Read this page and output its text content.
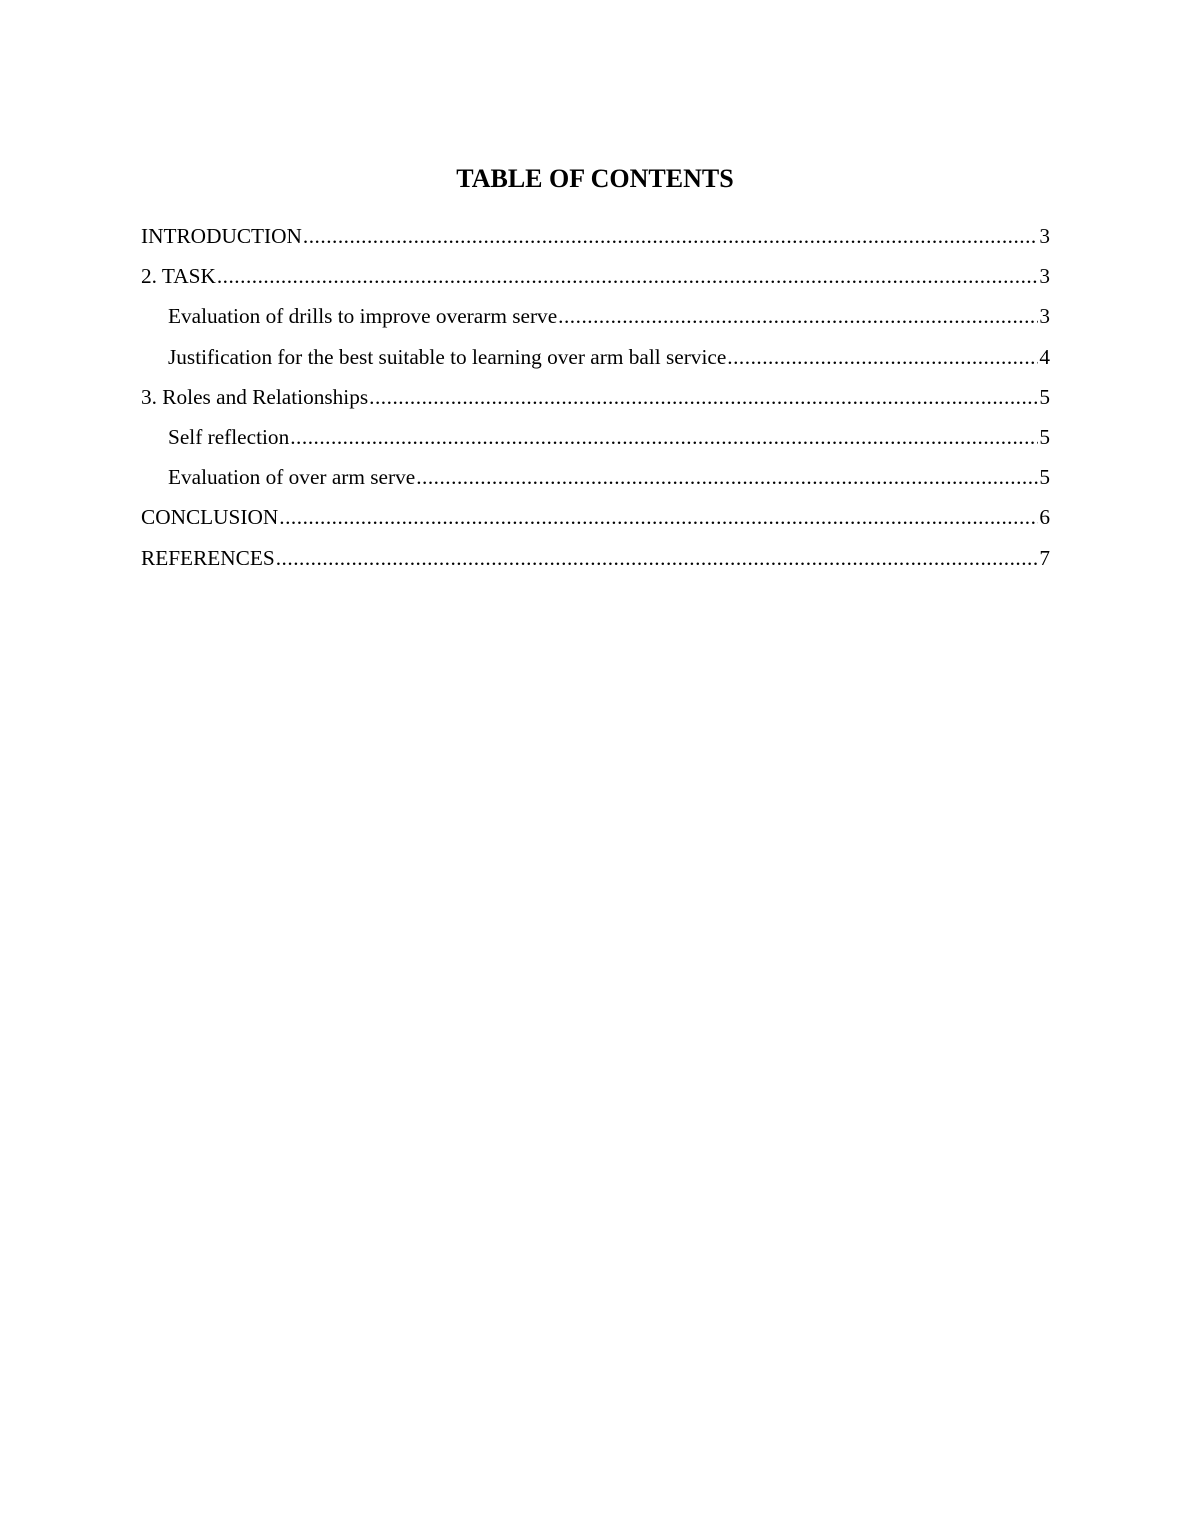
TABLE OF CONTENTS
INTRODUCTION .....	3
2. TASK .....	3
Evaluation of drills to improve overarm serve .....	3
Justification for the best suitable to learning over arm ball service .....	4
3. Roles and Relationships .....	5
Self reflection .....	5
Evaluation of over arm serve .....	5
CONCLUSION .....	6
REFERENCES .....	7
